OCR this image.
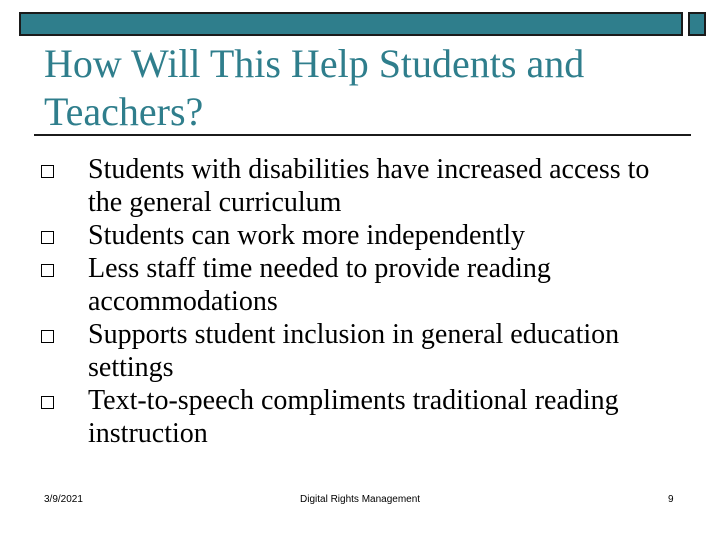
How Will This Help Students and Teachers?
Students with disabilities have increased access to the general curriculum
Students can work more independently
Less staff time needed to provide reading accommodations
Supports student inclusion in general education settings
Text-to-speech compliments traditional reading instruction
3/9/2021	Digital Rights Management	9
